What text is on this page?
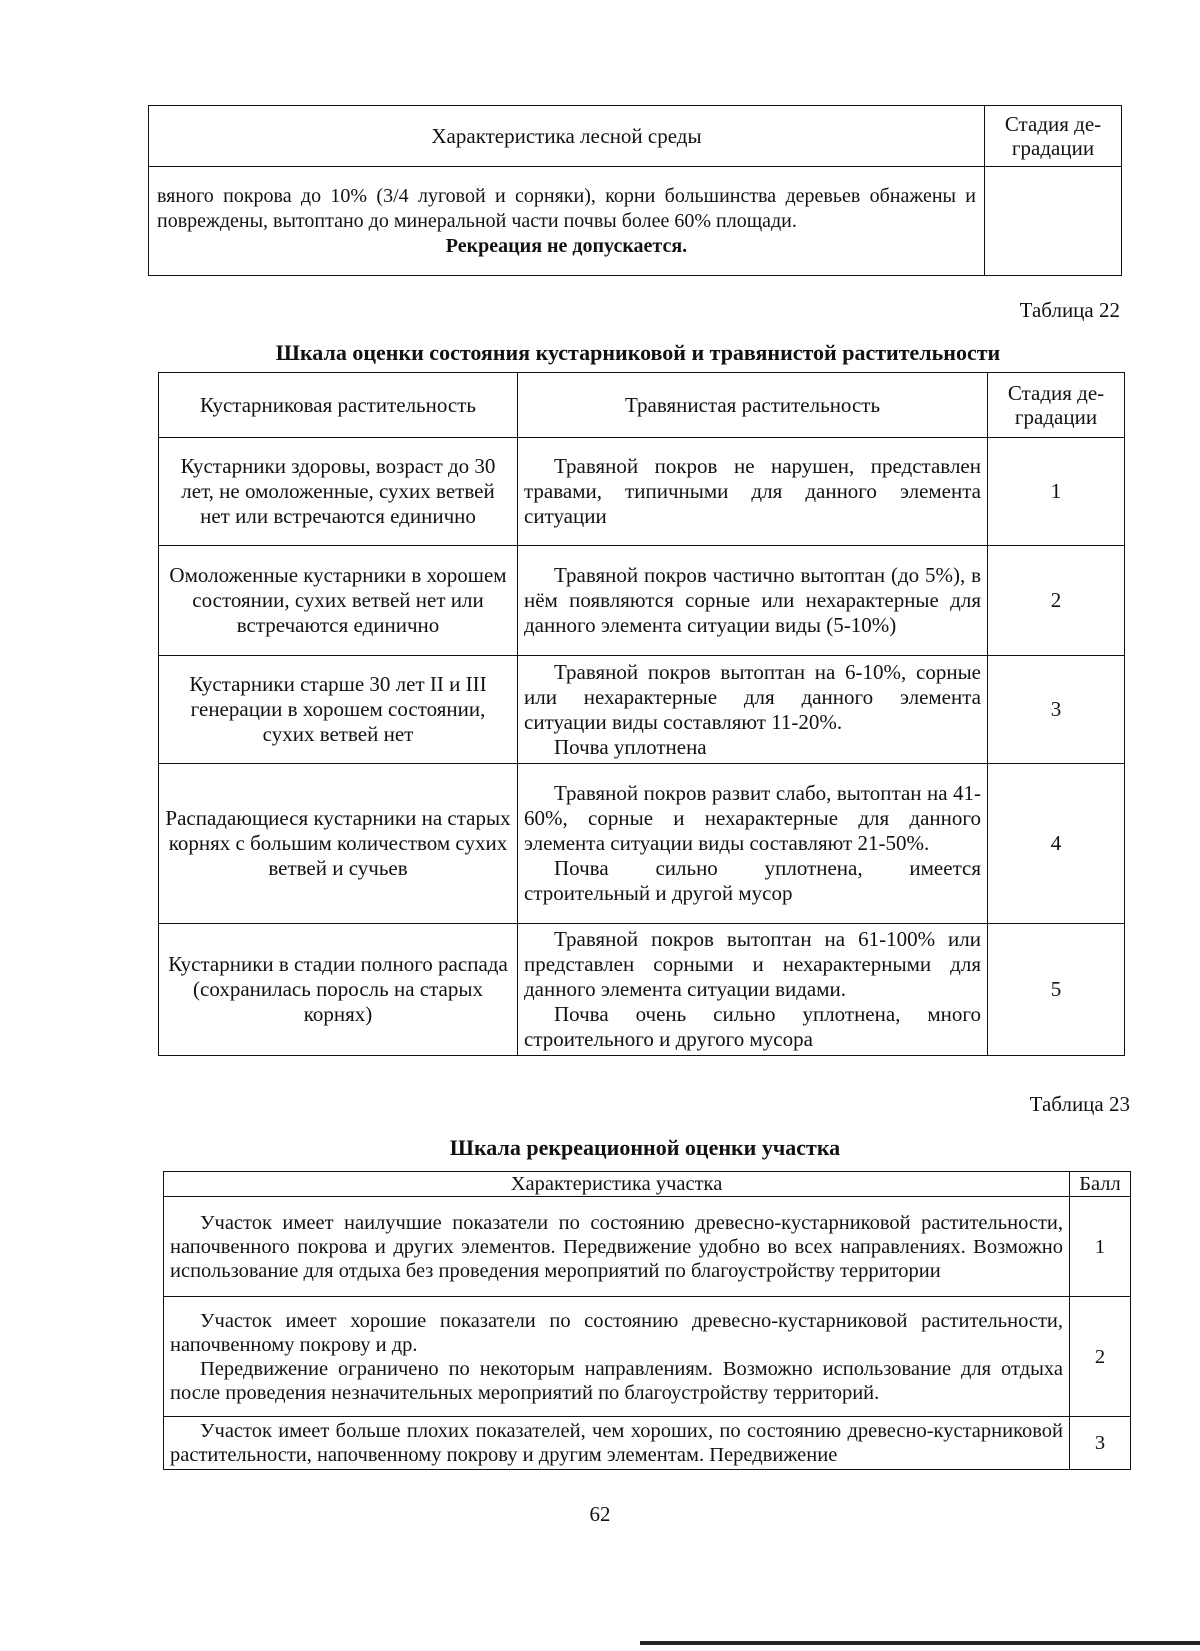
Характеристика лесной среды	Стадия де-градации
вяного покрова до 10% (3/4 луговой и сорняки), корни большинства деревьев обнажены и повреждены, вытоптано до минеральной части почвы более 60% площади.
Рекреация не допускается.	

Таблица 22
Шкала оценки состояния кустарниковой и травянистой растительности
Кустарниковая растительность	Травянистая растительность	Стадия де-градации
Кустарники здоровы, возраст до 30 лет, не омоложенные, сухих ветвей нет или встречаются единично	Травяной покров не нарушен, представлен травами, типичными для данного элемента ситуации	1
Омоложенные кустарники в хорошем состоянии, сухих ветвей нет или встречаются единично	Травяной покров частично вытоптан (до 5%), в нём появляются сорные или нехарактерные для данного элемента ситуации виды (5-10%)	2
Кустарники старше 30 лет II и III генерации в хорошем состоянии, сухих ветвей нет	Травяной покров вытоптан на 6-10%, сорные или нехарактерные для данного элемента ситуации виды составляют 11-20%.

Почва уплотнена	3
Распадающиеся кустарники на старых корнях с большим количеством сухих ветвей и сучьев	Травяной покров развит слабо, вытоптан на 41-60%, сорные и нехарактерные для данного элемента ситуации виды составляют 21-50%.

Почва сильно уплотнена, имеется строительный и другой мусор	4
Кустарники в стадии полного распада (сохранилась поросль на старых корнях)	Травяной покров вытоптан на 61-100% или представлен сорными и нехарактерными для данного элемента ситуации видами.

Почва очень сильно уплотнена, много строительного и другого мусора	5
Таблица 23
Шкала рекреационной оценки участка
Характеристика участка	Балл

Участок имеет наилучшие показатели по состоянию древесно-кустарниковой растительности, напочвенного покрова и других элементов. Передвижение удобно во всех направлениях. Возможно использование для отдыха без проведения мероприятий по благоустройству территории	1

Участок имеет хорошие показатели по состоянию древесно-кустарниковой растительности, напочвенному покрову и др.

Передвижение ограничено по некоторым направлениям. Возможно использование для отдыха после проведения незначительных мероприятий по благоустройству территорий.	2

Участок имеет больше плохих показателей, чем хороших, по состоянию древесно-кустарниковой растительности, напочвенному покрову и другим элементам. Передвижение	3
62
